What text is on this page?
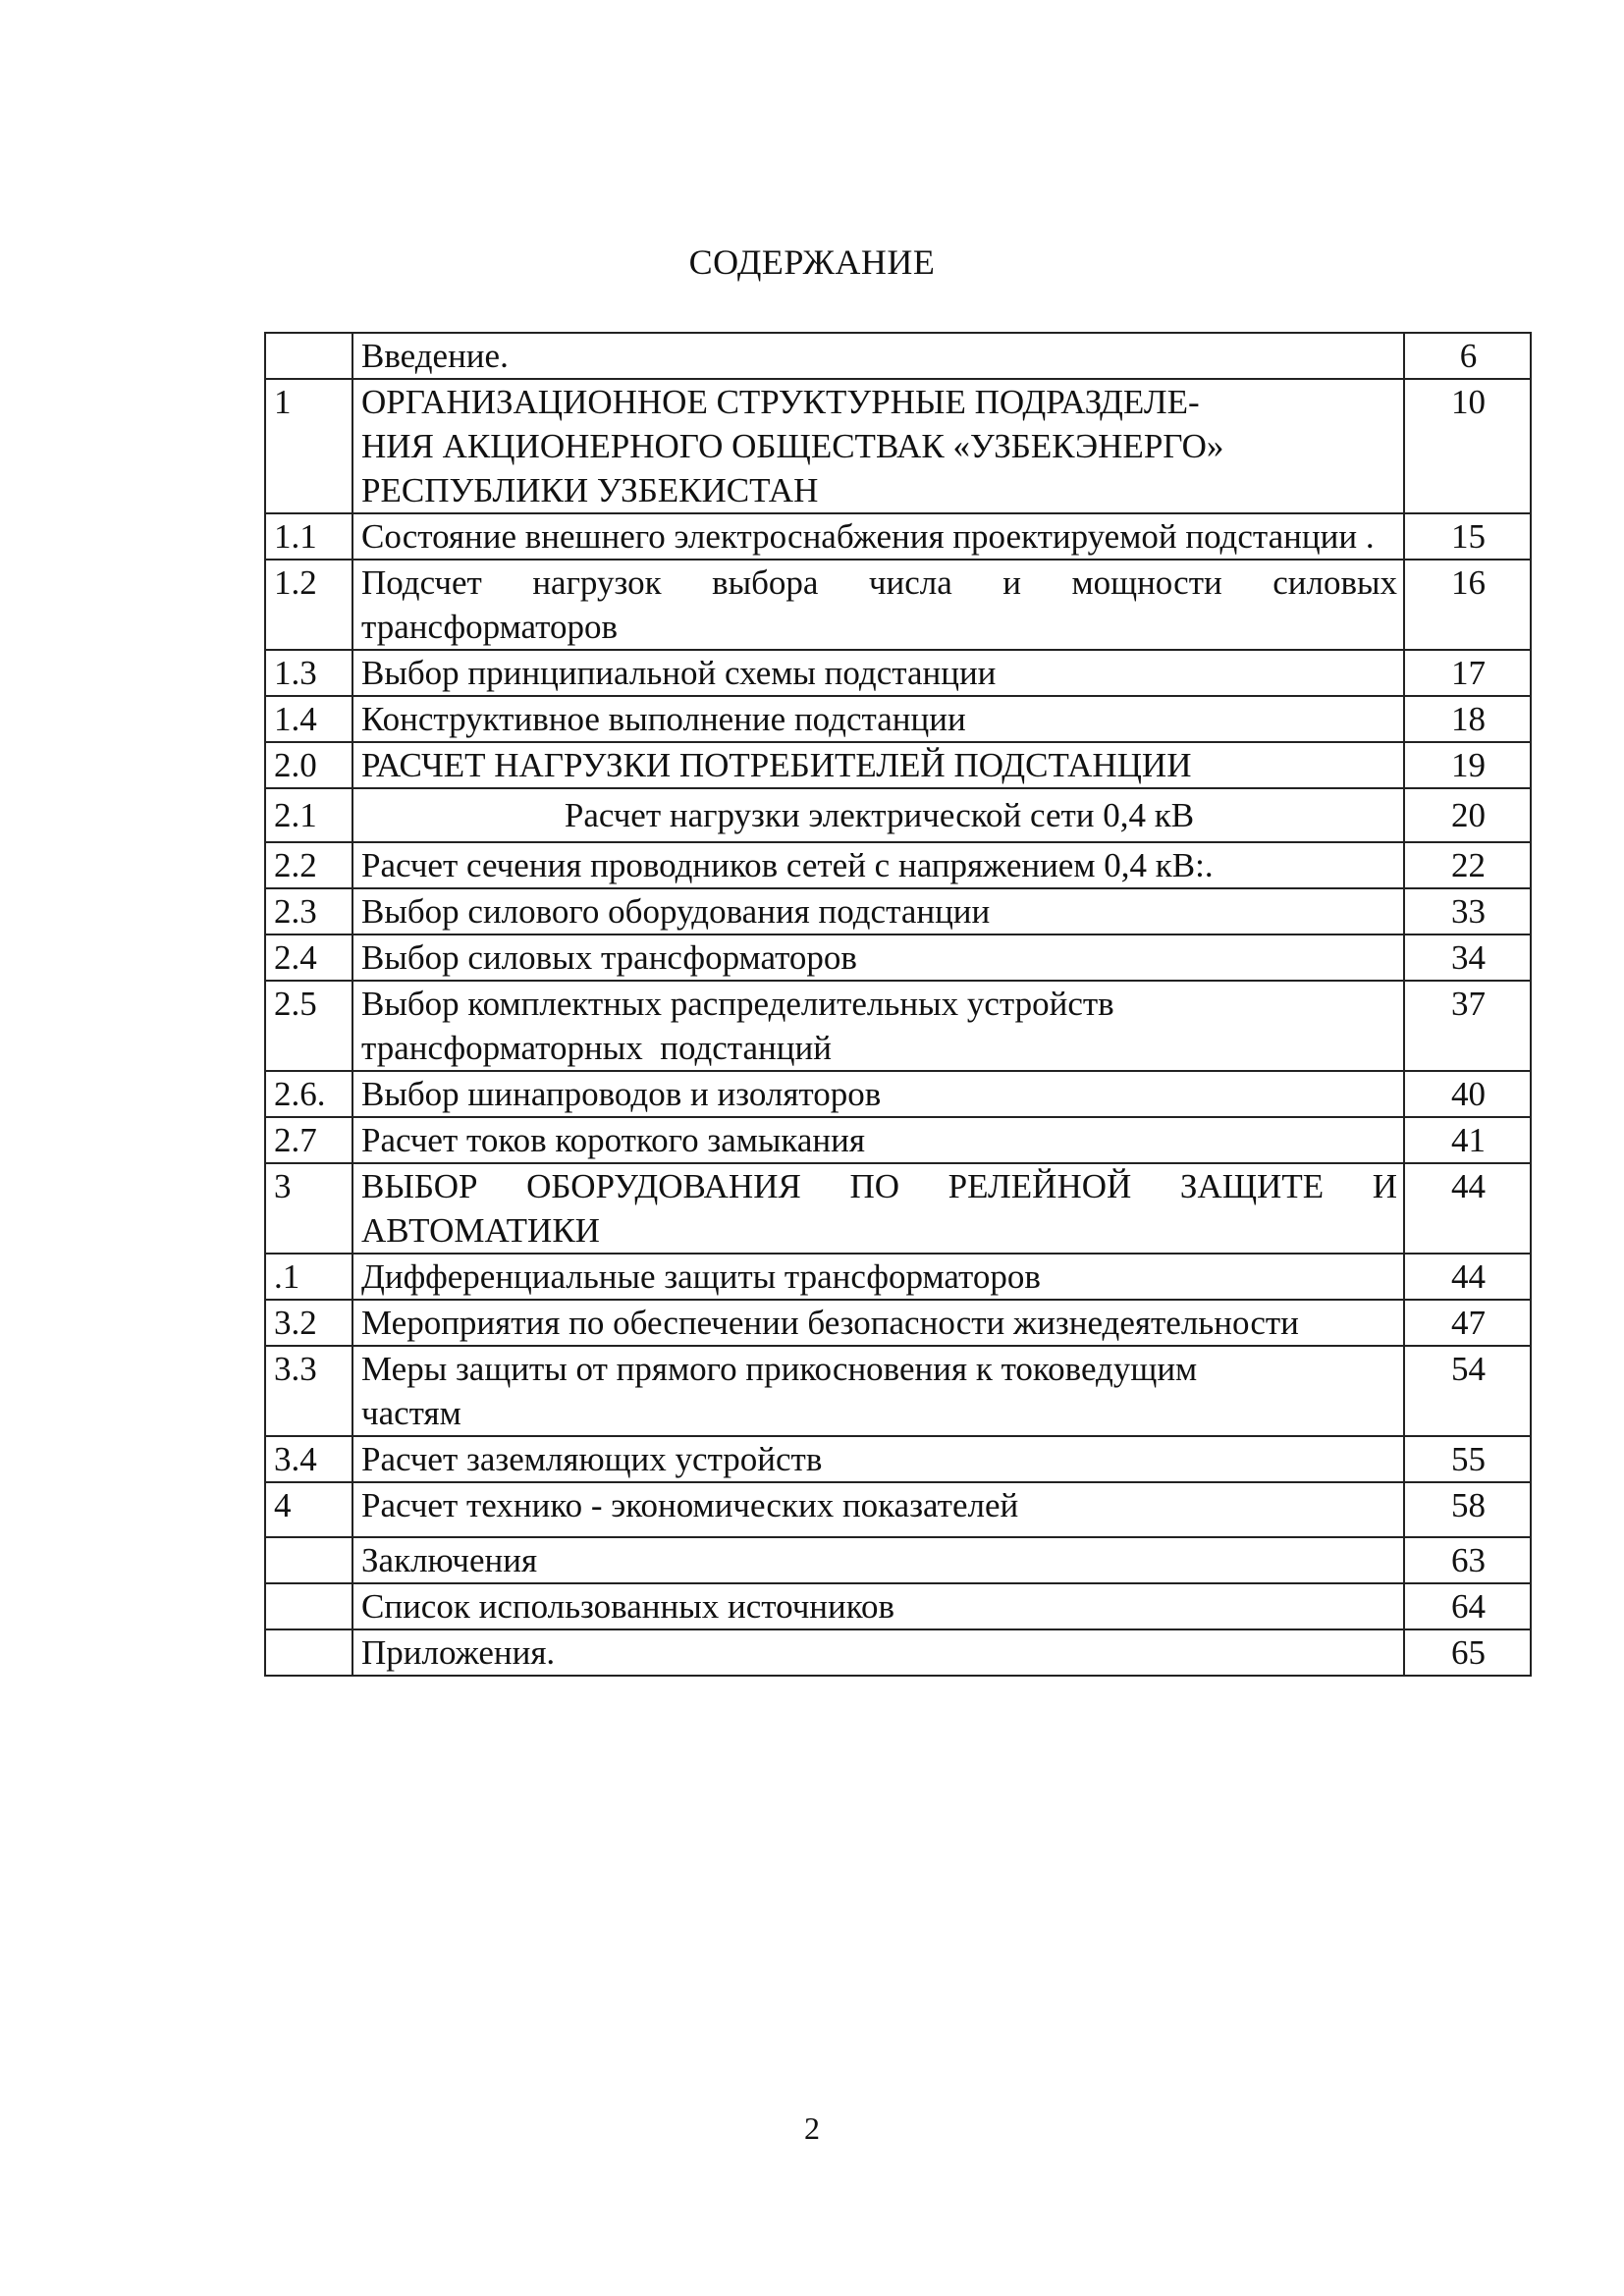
СОДЕРЖАНИЕ
	Введение.	6
1	ОРГАНИЗАЦИОННОЕ СТРУКТУРНЫЕ ПОДРАЗДЕЛЕ-
НИЯ АКЦИОНЕРНОГО ОБЩЕСТВАК «УЗБЕКЭНЕРГО»
РЕСПУБЛИКИ УЗБЕКИСТАН	10
1.1	Состояние внешнего электроснабжения проектируемой подстанции .	15
1.2	Подсчет нагрузок выбора числа и мощности силовых трансформаторов	16
1.3	Выбор принципиальной схемы подстанции	17
1.4	Конструктивное выполнение подстанции	18
2.0	РАСЧЕТ НАГРУЗКИ ПОТРЕБИТЕЛЕЙ ПОДСТАНЦИИ	19
2.1	Расчет нагрузки электрической сети 0,4 кВ	20
2.2	Расчет сечения проводников сетей с напряжением 0,4 кВ:.	22
2.3	Выбор силового оборудования подстанции	33
2.4	Выбор силовых трансформаторов	34
2.5	Выбор комплектных распределительных устройств
трансформаторных  подстанций	37
2.6.	Выбор шинапроводов и изоляторов	40
2.7	Расчет токов короткого замыкания	41
3	ВЫБОР ОБОРУДОВАНИЯ ПО РЕЛЕЙНОЙ ЗАЩИТЕ И АВТОМАТИКИ	44
.1	Дифференциальные защиты трансформаторов	44
3.2	Мероприятия по обеспечении безопасности жизнедеятельности	47
3.3	Меры защиты от прямого прикосновения к токоведущим
частям	54
3.4	Расчет заземляющих устройств	55
4	Расчет технико - экономических показателей	58
	Заключения	63
	Список использованных источников	64
	Приложения.	65
2
